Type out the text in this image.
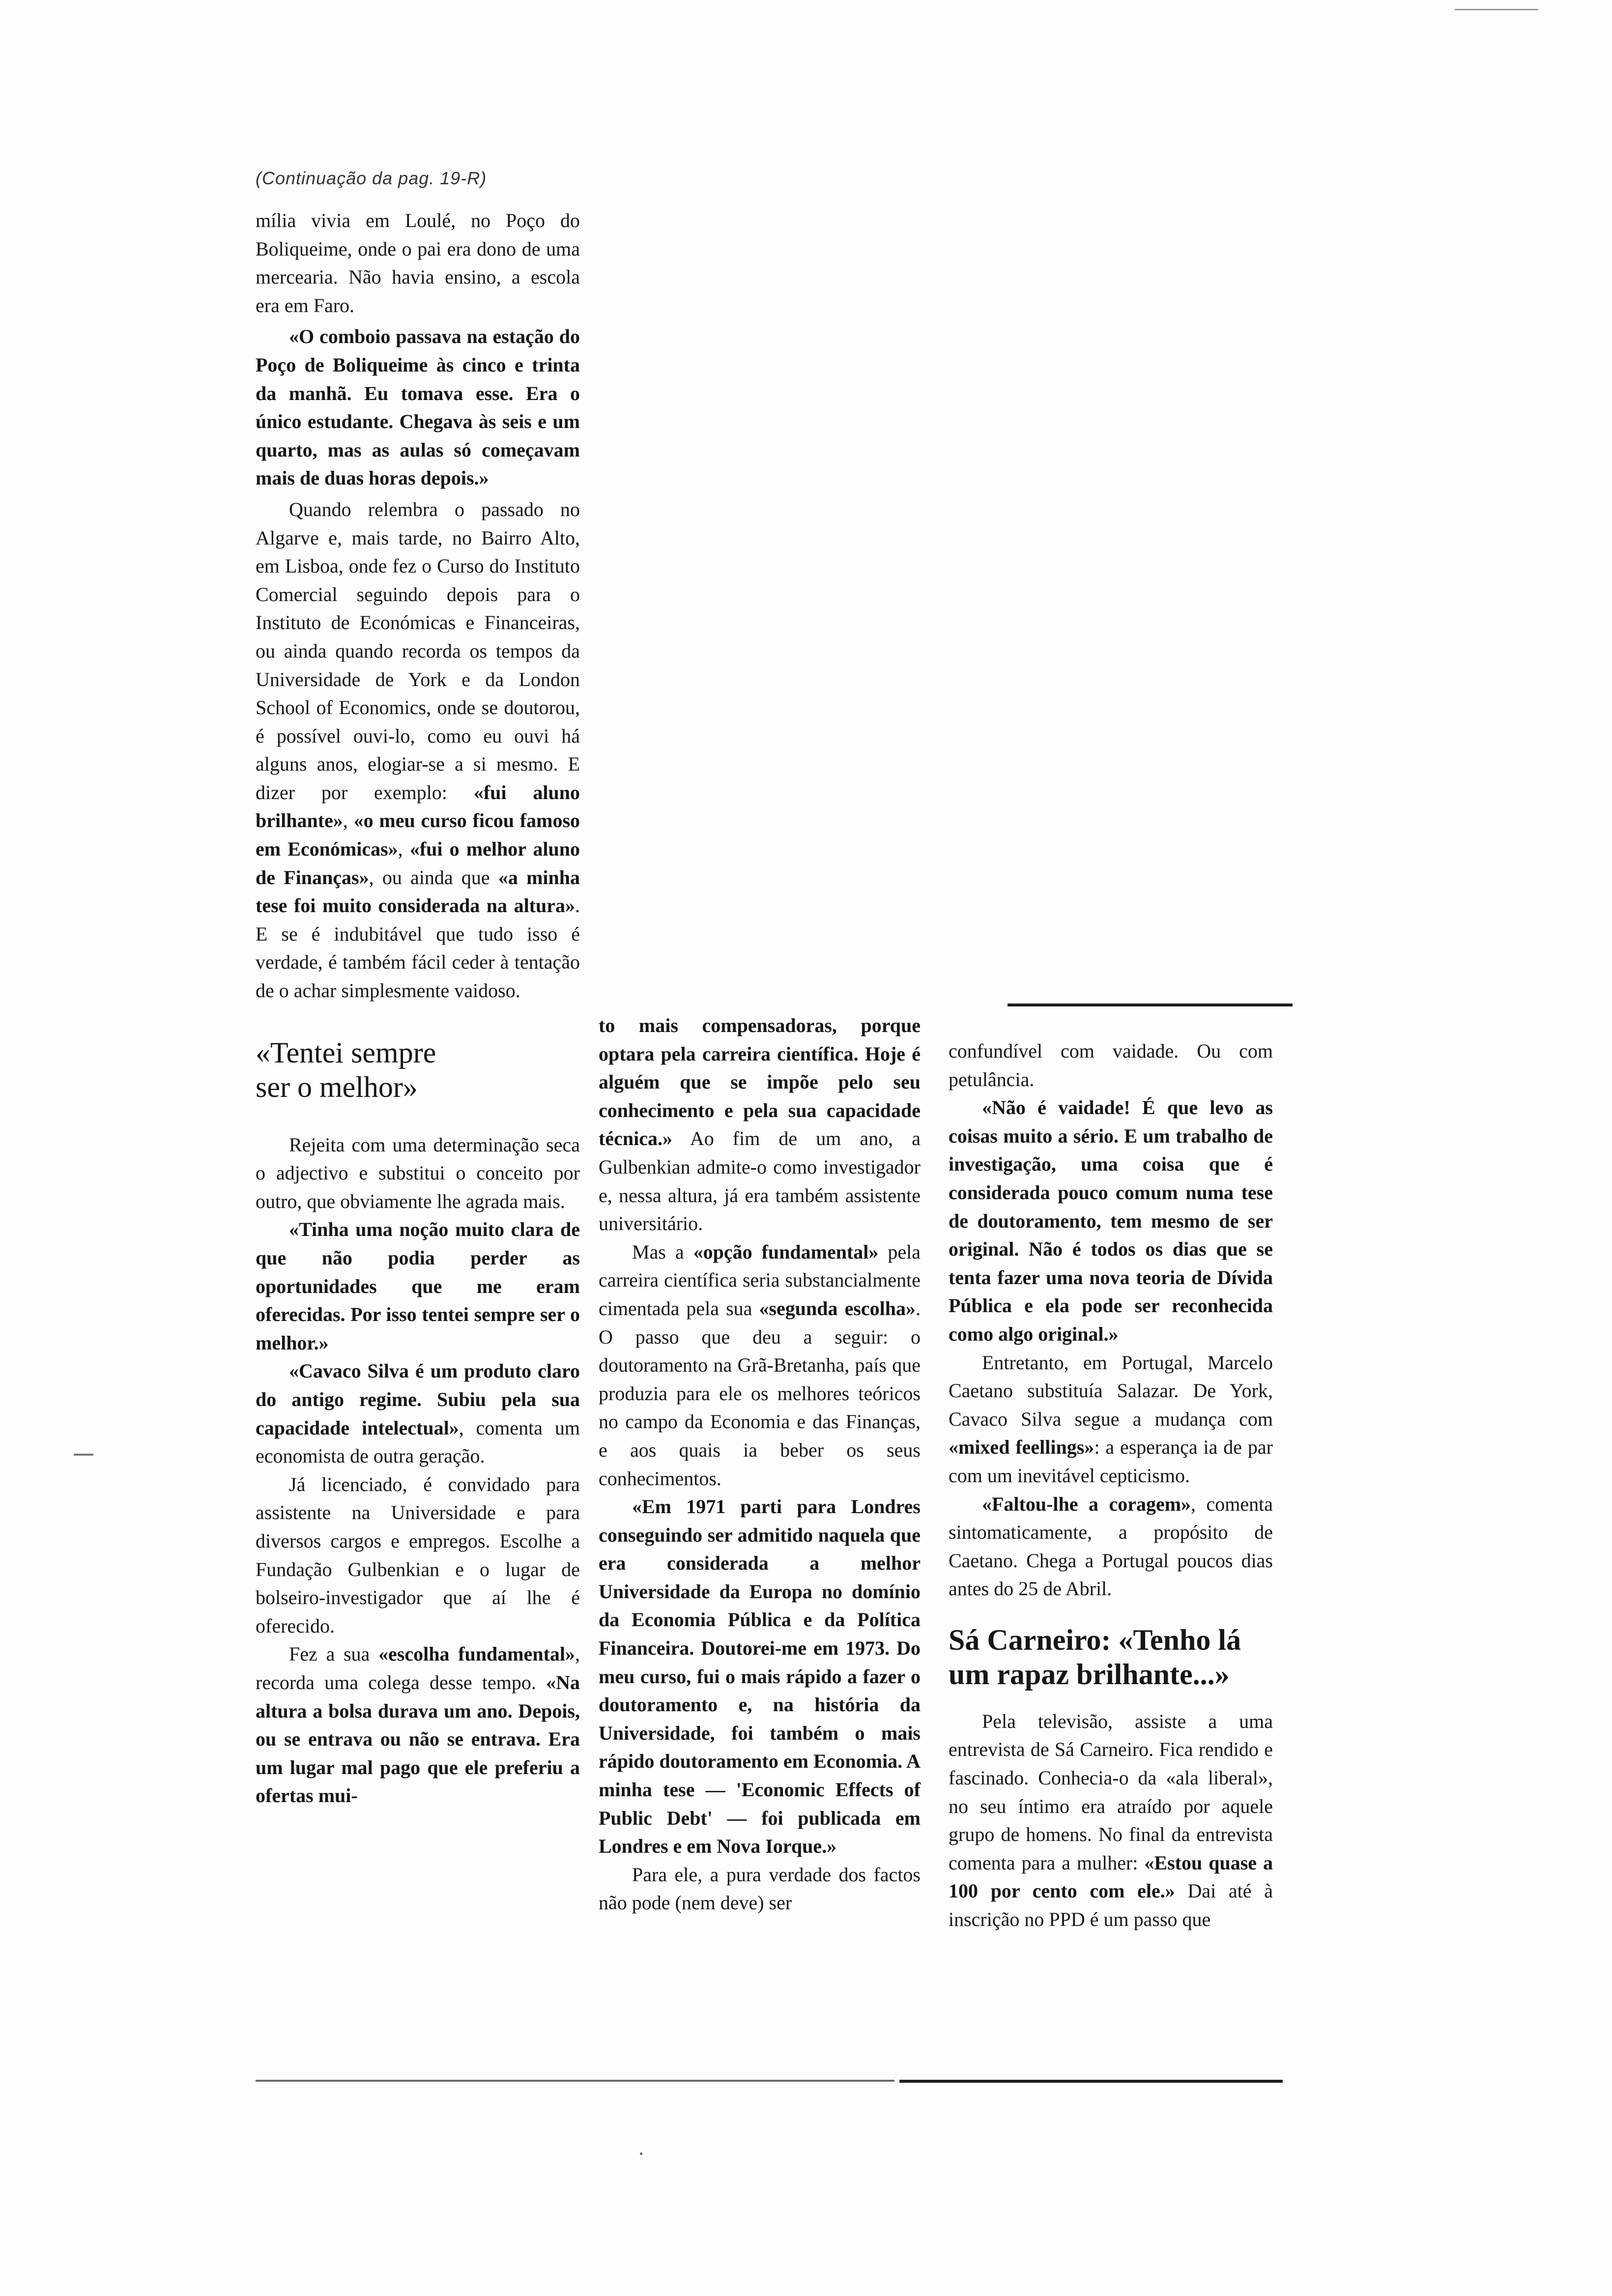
(Continuação da pag. 19-R)

mília vivia em Loulé, no Poço do Boliqueime, onde o pai era dono de uma mercearia. Não havia ensino, a escola era em Faro.

«O comboio passava na estação do Poço de Boliqueime às cinco e trinta da manhã. Eu tomava esse. Era o único estudante. Chegava às seis e um quarto, mas as aulas só começavam mais de duas horas depois.»

Quando relembra o passado no Algarve e, mais tarde, no Bairro Alto, em Lisboa, onde fez o Curso do Instituto Comercial seguindo depois para o Instituto de Económicas e Financeiras, ou ainda quando recorda os tempos da Universidade de York e da London School of Economics, onde se doutorou, é possível ouvi-lo, como eu ouvi há alguns anos, elogiar-se a si mesmo. E dizer por exemplo: «fui aluno brilhante», «o meu curso ficou famoso em Económicas», «fui o melhor aluno de Finanças», ou ainda que «a minha tese foi muito considerada na altura». E se é indubitável que tudo isso é verdade, é também fácil ceder à tentação de o achar simplesmente vaidoso.

«Tentei sempre
ser o melhor»

Rejeita com uma determinação seca o adjectivo e substitui o conceito por outro, que obviamente lhe agrada mais.

«Tinha uma noção muito clara de que não podia perder as oportunidades que me eram oferecidas. Por isso tentei sempre ser o melhor.»

«Cavaco Silva é um produto claro do antigo regime. Subiu pela sua capacidade intelectual», comenta um economista de outra geração.

Já licenciado, é convidado para assistente na Universidade e para diversos cargos e empregos. Escolhe a Fundação Gulbenkian e o lugar de bolseiro-investigador que aí lhe é oferecido.

Fez a sua «escolha fundamental», recorda uma colega desse tempo. «Na altura a bolsa durava um ano. Depois, ou se entrava ou não se entrava. Era um lugar mal pago que ele preferiu a ofertas mui-

to mais compensadoras, porque optara pela carreira científica. Hoje é alguém que se impõe pelo seu conhecimento e pela sua capacidade técnica.» Ao fim de um ano, a Gulbenkian admite-o como investigador e, nessa altura, já era também assistente universitário.

Mas a «opção fundamental» pela carreira científica seria substancialmente cimentada pela sua «segunda escolha». O passo que deu a seguir: o doutoramento na Grã-Bretanha, país que produzia para ele os melhores teóricos no campo da Economia e das Finanças, e aos quais ia beber os seus conhecimentos.

«Em 1971 parti para Londres conseguindo ser admitido naquela que era considerada a melhor Universidade da Europa no domínio da Economia Pública e da Política Financeira. Doutorei-me em 1973. Do meu curso, fui o mais rápido a fazer o doutoramento e, na história da Universidade, foi também o mais rápido doutoramento em Economia. A minha tese — 'Economic Effects of Public Debt' — foi publicada em Londres e em Nova Iorque.»

Para ele, a pura verdade dos factos não pode (nem deve) ser

confundível com vaidade. Ou com petulância.

«Não é vaidade! É que levo as coisas muito a sério. E um trabalho de investigação, uma coisa que é considerada pouco comum numa tese de doutoramento, tem mesmo de ser original. Não é todos os dias que se tenta fazer uma nova teoria de Dívida Pública e ela pode ser reconhecida como algo original.»

Entretanto, em Portugal, Marcelo Caetano substituía Salazar. De York, Cavaco Silva segue a mudança com «mixed feellings»: a esperança ia de par com um inevitável cepticismo.

«Faltou-lhe a coragem», comenta sintomaticamente, a propósito de Caetano. Chega a Portugal poucos dias antes do 25 de Abril.

Sá Carneiro: «Tenho lá
um rapaz brilhante...»

Pela televisão, assiste a uma entrevista de Sá Carneiro. Fica rendido e fascinado. Conhecia-o da «ala liberal», no seu íntimo era atraído por aquele grupo de homens. No final da entrevista comenta para a mulher: «Estou quase a 100 por cento com ele.» Dai até à inscrição no PPD é um passo que
